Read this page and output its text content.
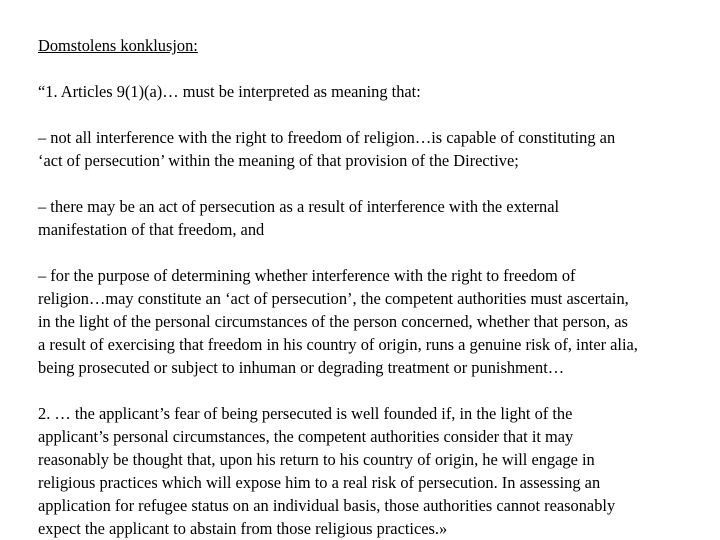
Domstolens konklusjon:
“1. Articles 9(1)(a)… must be interpreted as meaning that:
– not all interference with the right to freedom of religion…is capable of constituting an
‘act of persecution’ within the meaning of that provision of the Directive;
– there may be an act of persecution as a result of interference with the external
manifestation of that freedom, and
– for the purpose of determining whether interference with the right to freedom of
religion…may constitute an ‘act of persecution’, the competent authorities must ascertain,
in the light of the personal circumstances of the person concerned, whether that person, as
a result of exercising that freedom in his country of origin, runs a genuine risk of, inter alia,
being prosecuted or subject to inhuman or degrading treatment or punishment…
2. … the applicant’s fear of being persecuted is well founded if, in the light of the
applicant’s personal circumstances, the competent authorities consider that it may
reasonably be thought that, upon his return to his country of origin, he will engage in
religious practices which will expose him to a real risk of persecution. In assessing an
application for refugee status on an individual basis, those authorities cannot reasonably
expect the applicant to abstain from those religious practices.»
